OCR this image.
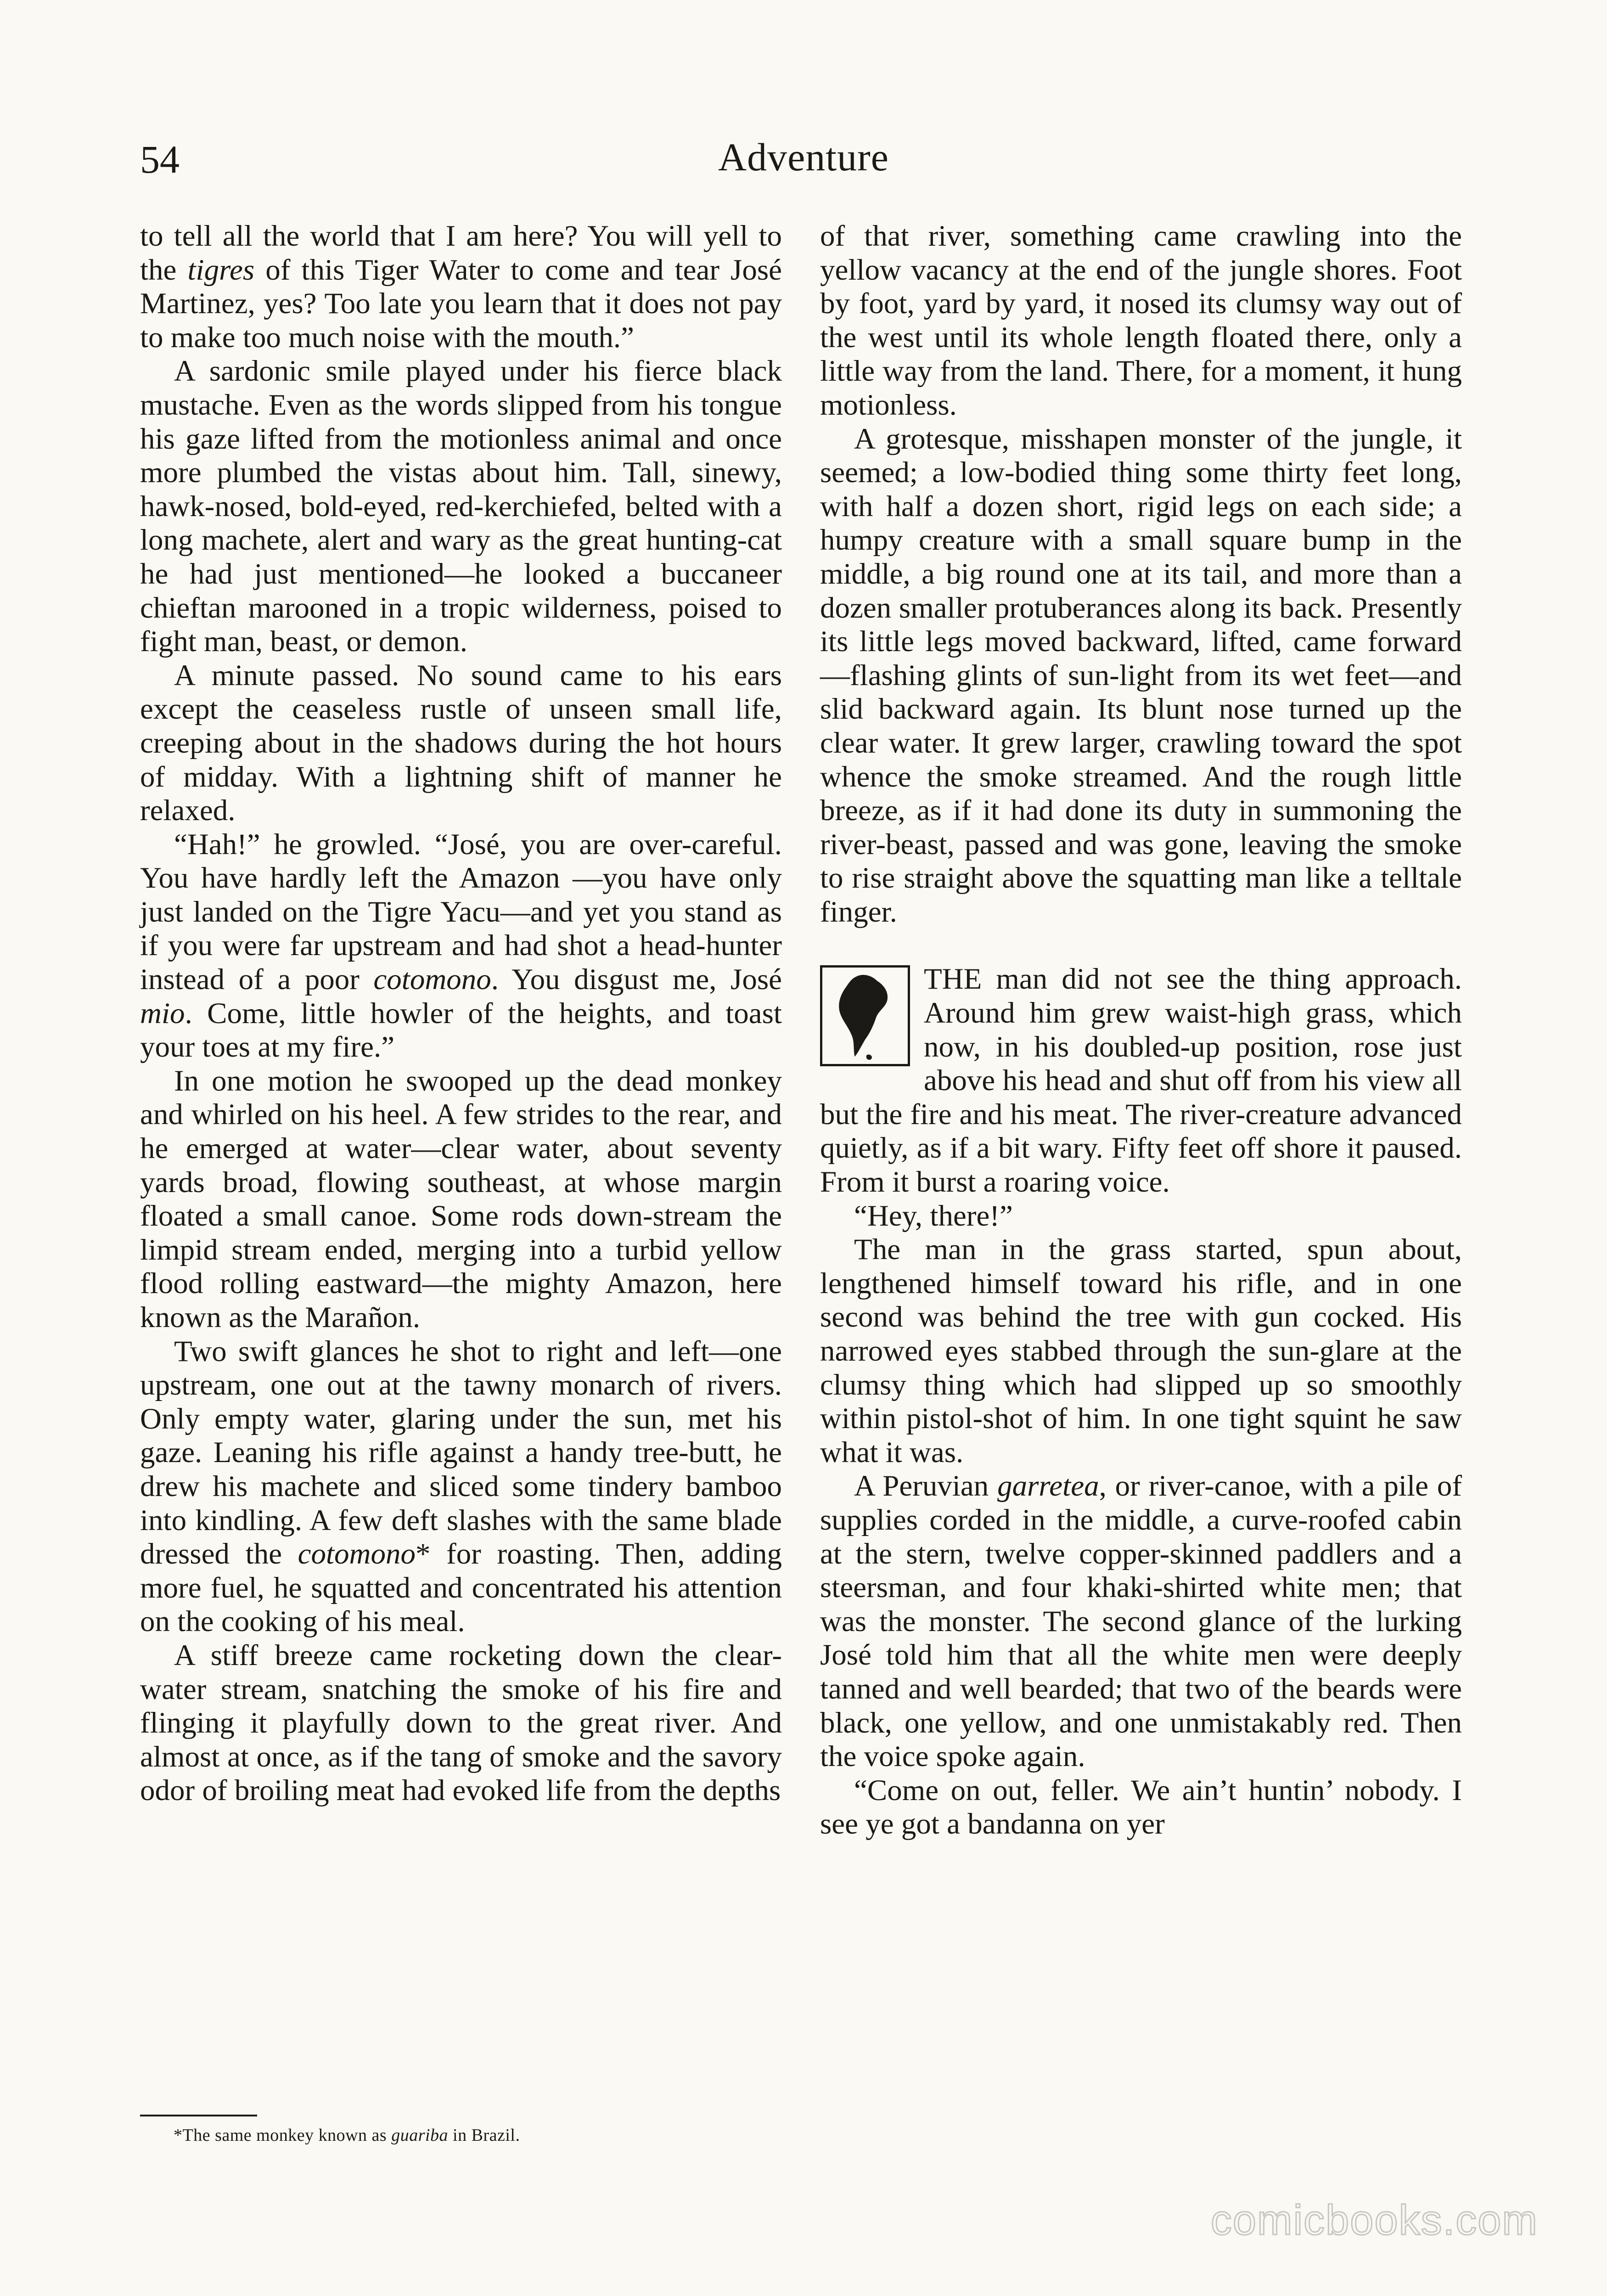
54	Adventure

to tell all the world that I am here? You will yell to the tigres of this Tiger Water to come and tear José Martinez, yes? Too late you learn that it does not pay to make too much noise with the mouth.”

A sardonic smile played under his fierce black mustache. Even as the words slipped from his tongue his gaze lifted from the motionless animal and once more plumbed the vistas about him. Tall, sinewy, hawk-nosed, bold-eyed, red-kerchiefed, belted with a long machete, alert and wary as the great hunting-cat he had just mentioned—he looked a buccaneer chieftan marooned in a tropic wilderness, poised to fight man, beast, or demon.

A minute passed. No sound came to his ears except the ceaseless rustle of unseen small life, creeping about in the shadows during the hot hours of midday. With a lightning shift of manner he relaxed.

“Hah!” he growled. “José, you are over-careful. You have hardly left the Amazon —you have only just landed on the Tigre Yacu—and yet you stand as if you were far upstream and had shot a head-hunter instead of a poor cotomono. You disgust me, José mio. Come, little howler of the heights, and toast your toes at my fire.”

In one motion he swooped up the dead monkey and whirled on his heel. A few strides to the rear, and he emerged at water—clear water, about seventy yards broad, flowing southeast, at whose margin floated a small canoe. Some rods down-stream the limpid stream ended, merging into a turbid yellow flood rolling eastward—the mighty Amazon, here known as the Marañon.

Two swift glances he shot to right and left—one upstream, one out at the tawny monarch of rivers. Only empty water, glaring under the sun, met his gaze. Leaning his rifle against a handy tree-butt, he drew his machete and sliced some tindery bamboo into kindling. A few deft slashes with the same blade dressed the cotomono* for roasting. Then, adding more fuel, he squatted and concentrated his attention on the cooking of his meal.

A stiff breeze came rocketing down the clear-water stream, snatching the smoke of his fire and flinging it playfully down to the great river. And almost at once, as if the tang of smoke and the savory odor of broiling meat had evoked life from the depths

of that river, something came crawling into the yellow vacancy at the end of the jungle shores. Foot by foot, yard by yard, it nosed its clumsy way out of the west until its whole length floated there, only a little way from the land. There, for a moment, it hung motionless.

A grotesque, misshapen monster of the jungle, it seemed; a low-bodied thing some thirty feet long, with half a dozen short, rigid legs on each side; a humpy creature with a small square bump in the middle, a big round one at its tail, and more than a dozen smaller protuberances along its back. Presently its little legs moved backward, lifted, came forward—flashing glints of sun-light from its wet feet—and slid backward again. Its blunt nose turned up the clear water. It grew larger, crawling toward the spot whence the smoke streamed. And the rough little breeze, as if it had done its duty in summoning the river-beast, passed and was gone, leaving the smoke to rise straight above the squatting man like a telltale finger.

THE man did not see the thing approach. Around him grew waist-high grass, which now, in his doubled-up position, rose just above his head and shut off from his view all but the fire and his meat. The river-creature advanced quietly, as if a bit wary. Fifty feet off shore it paused. From it burst a roaring voice.

“Hey, there!”

The man in the grass started, spun about, lengthened himself toward his rifle, and in one second was behind the tree with gun cocked. His narrowed eyes stabbed through the sun-glare at the clumsy thing which had slipped up so smoothly within pistol-shot of him. In one tight squint he saw what it was.

A Peruvian garretea, or river-canoe, with a pile of supplies corded in the middle, a curve-roofed cabin at the stern, twelve copper-skinned paddlers and a steersman, and four khaki-shirted white men; that was the monster. The second glance of the lurking José told him that all the white men were deeply tanned and well bearded; that two of the beards were black, one yellow, and one unmistakably red. Then the voice spoke again.

“Come on out, feller. We ain’t huntin’ nobody. I see ye got a bandanna on yer

*The same monkey known as guariba in Brazil.
comicbooks.com
